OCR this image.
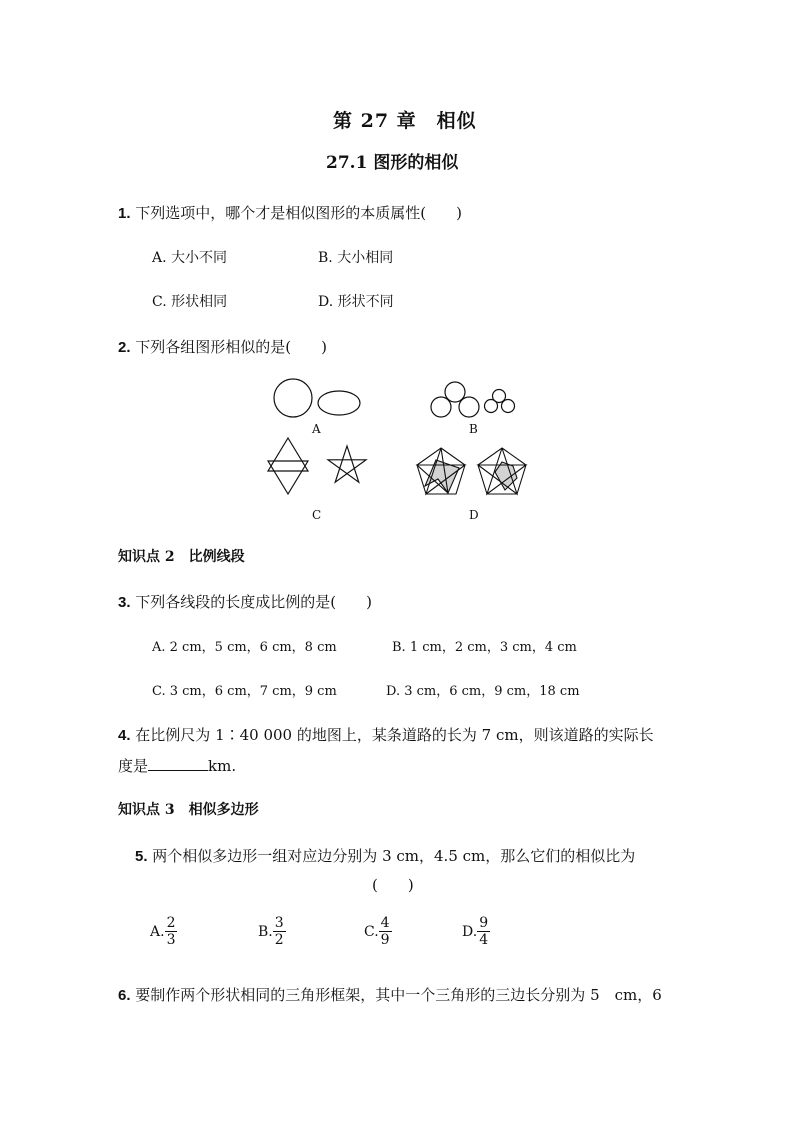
第 27 章　相似
27.1 图形的相似
1. 下列选项中，哪个才是相似图形的本质属性(　　)
A. 大小不同	B. 大小相同
C. 形状相同	D. 形状不同
2. 下列各组图形相似的是(　　)
A	B
C	D
知识点 2　比例线段
3. 下列各线段的长度成比例的是(　　)
A. 2 cm，5 cm，6 cm，8 cm	B. 1 cm，2 cm，3 cm，4 cm
C. 3 cm，6 cm，7 cm，9 cm	D. 3 cm，6 cm，9 cm，18 cm
4. 在比例尺为 1∶40 000 的地图上，某条道路的长为 7 cm，则该道路的实际长
度是	km.
知识点 3　相似多边形
5. 两个相似多边形一组对应边分别为 3 cm，4.5 cm，那么它们的相似比为
(　　)
A. $\frac{2}{3}$	B. $\frac{3}{2}$	C. $\frac{4}{9}$	D. $\frac{9}{4}$
6. 要制作两个形状相同的三角形框架，其中一个三角形的三边长分别为 5　cm，6
